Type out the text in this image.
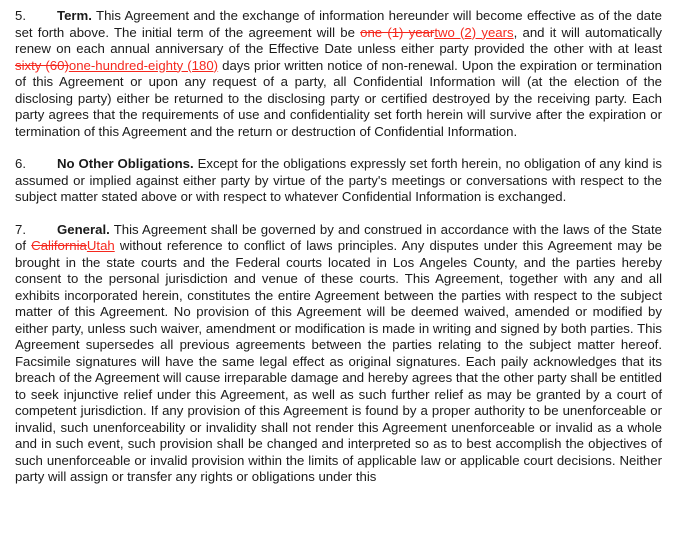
5. Term. This Agreement and the exchange of information hereunder will become effective as of the date set forth above. The initial term of the agreement will be one (1) yeartwo (2) years, and it will automatically renew on each annual anniversary of the Effective Date unless either party provided the other with at least sixty (60)one-hundred-eighty (180) days prior written notice of non-renewal. Upon the expiration or termination of this Agreement or upon any request of a party, all Confidential Information will (at the election of the disclosing party) either be returned to the disclosing party or certified destroyed by the receiving party. Each party agrees that the requirements of use and confidentiality set forth herein will survive after the expiration or termination of this Agreement and the return or destruction of Confidential Information.

6. No Other Obligations. Except for the obligations expressly set forth herein, no obligation of any kind is assumed or implied against either party by virtue of the party's meetings or conversations with respect to the subject matter stated above or with respect to whatever Confidential Information is exchanged.

7. General. This Agreement shall be governed by and construed in accordance with the laws of the State of CaliforniaUtah without reference to conflict of laws principles. Any disputes under this Agreement may be brought in the state courts and the Federal courts located in Los Angeles County, and the parties hereby consent to the personal jurisdiction and venue of these courts. This Agreement, together with any and all exhibits incorporated herein, constitutes the entire Agreement between the parties with respect to the subject matter of this Agreement. No provision of this Agreement will be deemed waived, amended or modified by either party, unless such waiver, amendment or modification is made in writing and signed by both parties. This Agreement supersedes all previous agreements between the parties relating to the subject matter hereof. Facsimile signatures will have the same legal effect as original signatures. Each paily acknowledges that its breach of the Agreement will cause irreparable damage and hereby agrees that the other party shall be entitled to seek injunctive relief under this Agreement, as well as such further relief as may be granted by a court of competent jurisdiction. If any provision of this Agreement is found by a proper authority to be unenforceable or invalid, such unenforceability or invalidity shall not render this Agreement unenforceable or invalid as a whole and in such event, such provision shall be changed and interpreted so as to best accomplish the objectives of such unenforceable or invalid provision within the limits of applicable law or applicable court decisions. Neither party will assign or transfer any rights or obligations under this
